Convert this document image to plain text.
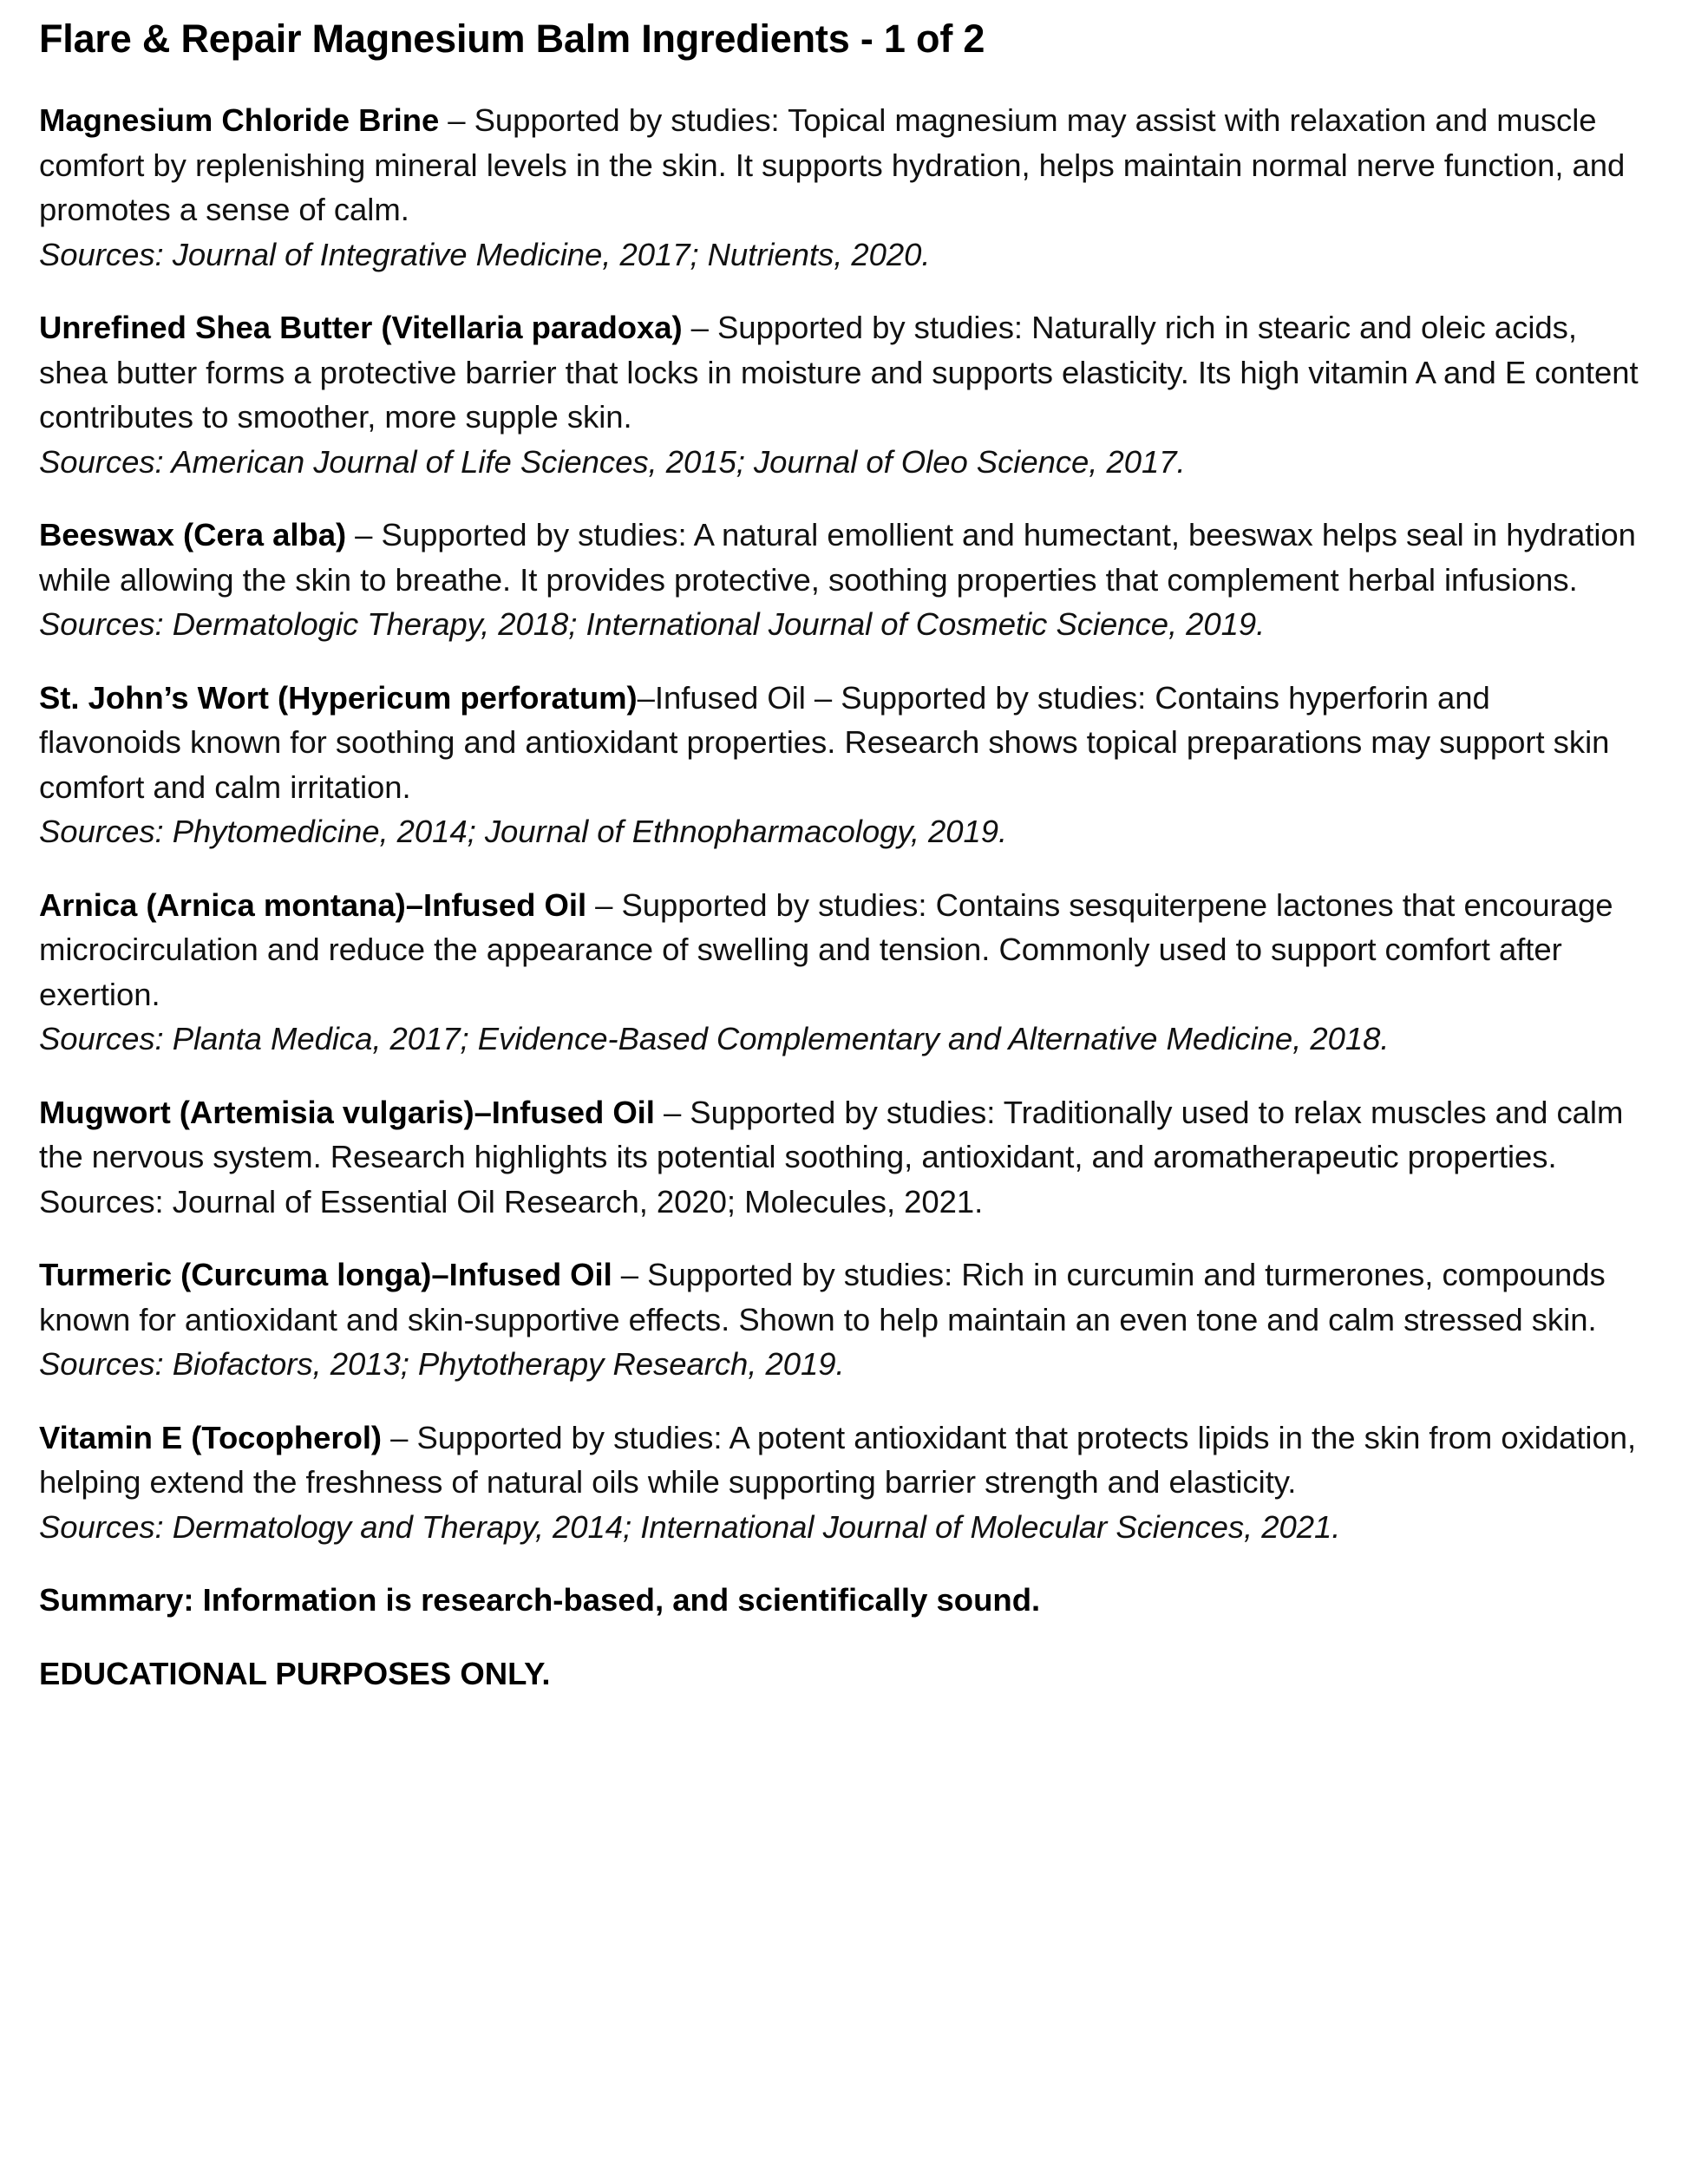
Flare & Repair Magnesium Balm Ingredients - 1 of 2

Magnesium Chloride Brine – Supported by studies: Topical magnesium may assist with relaxation and muscle comfort by replenishing mineral levels in the skin. It supports hydration, helps maintain normal nerve function, and promotes a sense of calm.

Sources: Journal of Integrative Medicine, 2017; Nutrients, 2020.

Unrefined Shea Butter (Vitellaria paradoxa) – Supported by studies: Naturally rich in stearic and oleic acids, shea butter forms a protective barrier that locks in moisture and supports elasticity. Its high vitamin A and E content contributes to smoother, more supple skin.

Sources: American Journal of Life Sciences, 2015; Journal of Oleo Science, 2017.

Beeswax (Cera alba) – Supported by studies: A natural emollient and humectant, beeswax helps seal in hydration while allowing the skin to breathe. It provides protective, soothing properties that complement herbal infusions.

Sources: Dermatologic Therapy, 2018; International Journal of Cosmetic Science, 2019.

St. John’s Wort (Hypericum perforatum)–Infused Oil – Supported by studies: Contains hyperforin and flavonoids known for soothing and antioxidant properties. Research shows topical preparations may support skin comfort and calm irritation.

Sources: Phytomedicine, 2014; Journal of Ethnopharmacology, 2019.

Arnica (Arnica montana)–Infused Oil – Supported by studies: Contains sesquiterpene lactones that encourage microcirculation and reduce the appearance of swelling and tension. Commonly used to support comfort after exertion.

Sources: Planta Medica, 2017; Evidence-Based Complementary and Alternative Medicine, 2018.

Mugwort (Artemisia vulgaris)–Infused Oil – Supported by studies: Traditionally used to relax muscles and calm the nervous system. Research highlights its potential soothing, antioxidant, and aromatherapeutic properties.

Sources: Journal of Essential Oil Research, 2020; Molecules, 2021.

Turmeric (Curcuma longa)–Infused Oil – Supported by studies: Rich in curcumin and turmerones, compounds known for antioxidant and skin-supportive effects. Shown to help maintain an even tone and calm stressed skin.

Sources: Biofactors, 2013; Phytotherapy Research, 2019.

Vitamin E (Tocopherol) – Supported by studies: A potent antioxidant that protects lipids in the skin from oxidation, helping extend the freshness of natural oils while supporting barrier strength and elasticity.

Sources: Dermatology and Therapy, 2014; International Journal of Molecular Sciences, 2021.

Summary: Information is research-based, and scientifically sound.

EDUCATIONAL PURPOSES ONLY.
